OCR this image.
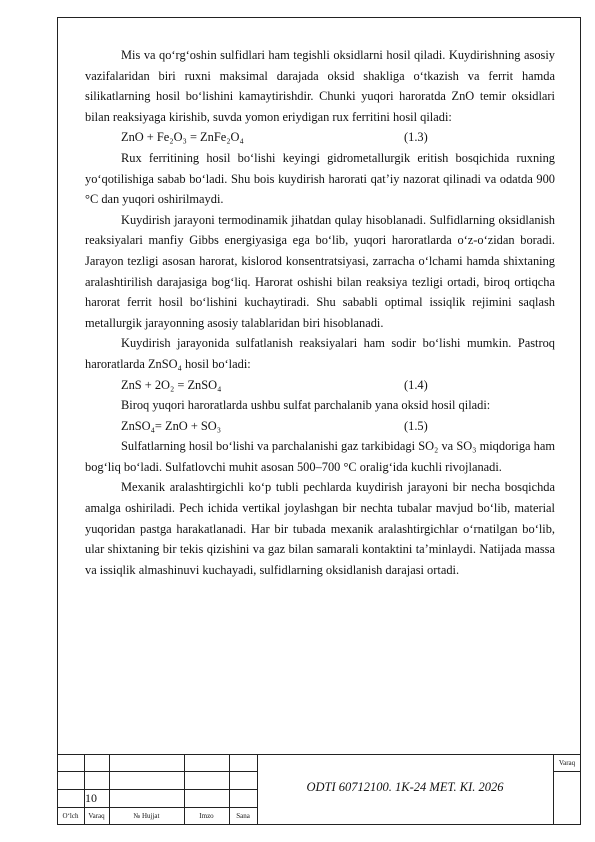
Mis va qo‘rg‘oshin sulfidlari ham tegishli oksidlarni hosil qiladi. Kuydirishning asosiy vazifalaridan biri ruxni maksimal darajada oksid shakliga o‘tkazish va ferrit hamda silikatlarning hosil bo‘lishini kamaytirishdir. Chunki yuqori haroratda ZnO temir oksidlari bilan reaksiyaga kirishib, suvda yomon eriydigan rux ferritini hosil qiladi:

ZnO + Fe₂O₃ = ZnFe₂O₄	(1.3)

Rux ferritining hosil bo‘lishi keyingi gidrometallurgik eritish bosqichida ruxning yo‘qotilishiga sabab bo‘ladi. Shu bois kuydirish harorati qat’iy nazorat qilinadi va odatda 900 °C dan yuqori oshirilmaydi.

Kuydirish jarayoni termodinamik jihatdan qulay hisoblanadi. Sulfidlarning oksidlanish reaksiyalari manfiy Gibbs energiyasiga ega bo‘lib, yuqori haroratlarda o‘z-o‘zidan boradi. Jarayon tezligi asosan harorat, kislorod konsentratsiyasi, zarracha o‘lchami hamda shixtaning aralashtirilish darajasiga bog‘liq. Harorat oshishi bilan reaksiya tezligi ortadi, biroq ortiqcha harorat ferrit hosil bo‘lishini kuchaytiradi. Shu sababli optimal issiqlik rejimini saqlash metallurgik jarayonning asosiy talablaridan biri hisoblanadi.

Kuydirish jarayonida sulfatlanish reaksiyalari ham sodir bo‘lishi mumkin. Pastroq haroratlarda ZnSO₄ hosil bo‘ladi:

ZnS + 2O₂ = ZnSO₄	(1.4)

Biroq yuqori haroratlarda ushbu sulfat parchalanib yana oksid hosil qiladi:

ZnSO₄= ZnO + SO₃	(1.5)

Sulfatlarning hosil bo‘lishi va parchalanishi gaz tarkibidagi SO₂ va SO₃ miqdoriga ham bog‘liq bo‘ladi. Sulfatlovchi muhit asosan 500–700 °C oralig‘ida kuchli rivojlanadi.

Mexanik aralashtirgichli ko‘p tubli pechlarda kuydirish jarayoni bir necha bosqichda amalga oshiriladi. Pech ichida vertikal joylashgan bir nechta tubalar mavjud bo‘lib, material yuqoridan pastga harakatlanadi. Har bir tubada mexanik aralashtirgichlar o‘rnatilgan bo‘lib, ular shixtaning bir tekis qizishini va gaz bilan samarali kontaktini ta’minlaydi. Natijada massa va issiqlik almashinuvi kuchayadi, sulfidlarning oksidlanish darajasi ortadi.

10
O‘lch	Varaq	№ Hujjat	Imzo	Sana
ODTI 60712100. 1K-24 MET. KI. 2026
Varaq
